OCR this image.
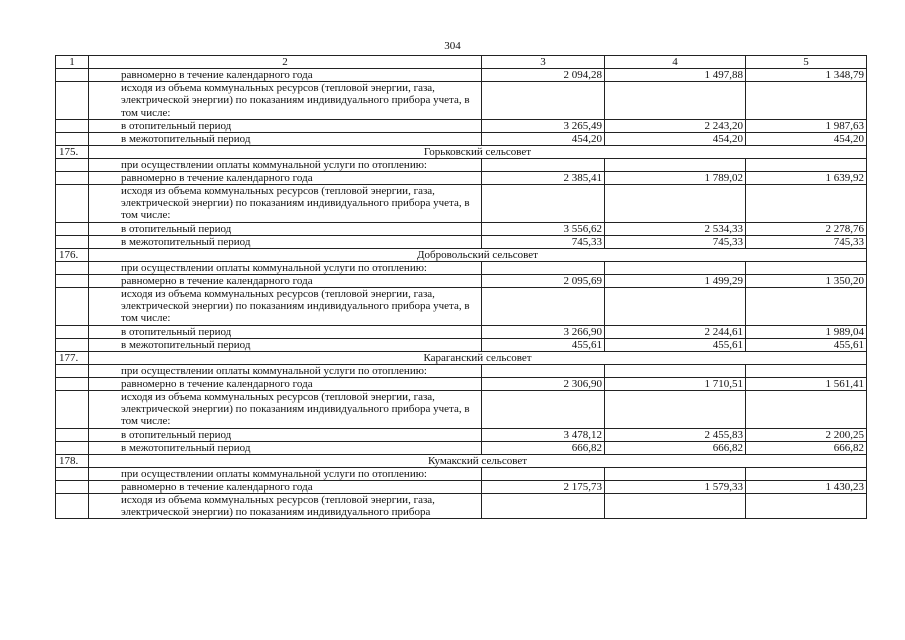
304
1	2	3	4	5
	равномерно в течение календарного года	2 094,28	1 497,88	1 348,79
	исходя из объема коммунальных ресурсов (тепловой энергии, газа, электрической энергии) по показаниям индивидуального прибора учета, в том числе:			
	в отопительный период	3 265,49	2 243,20	1 987,63
	в межотопительный период	454,20	454,20	454,20
175.	Горьковский сельсовет			
	при осуществлении оплаты коммунальной услуги по отоплению:			
	равномерно в течение календарного года	2 385,41	1 789,02	1 639,92
	исходя из объема коммунальных ресурсов (тепловой энергии, газа, электрической энергии) по показаниям индивидуального прибора учета, в том числе:			
	в отопительный период	3 556,62	2 534,33	2 278,76
	в межотопительный период	745,33	745,33	745,33
176.	Добровольский сельсовет			
	при осуществлении оплаты коммунальной услуги по отоплению:			
	равномерно в течение календарного года	2 095,69	1 499,29	1 350,20
	исходя из объема коммунальных ресурсов (тепловой энергии, газа, электрической энергии) по показаниям индивидуального прибора учета, в том числе:			
	в отопительный период	3 266,90	2 244,61	1 989,04
	в межотопительный период	455,61	455,61	455,61
177.	Караганский сельсовет			
	при осуществлении оплаты коммунальной услуги по отоплению:			
	равномерно в течение календарного года	2 306,90	1 710,51	1 561,41
	исходя из объема коммунальных ресурсов (тепловой энергии, газа, электрической энергии) по показаниям индивидуального прибора учета, в том числе:			
	в отопительный период	3 478,12	2 455,83	2 200,25
	в межотопительный период	666,82	666,82	666,82
178.	Кумакский сельсовет			
	при осуществлении оплаты коммунальной услуги по отоплению:			
	равномерно в течение календарного года	2 175,73	1 579,33	1 430,23
	исходя из объема коммунальных ресурсов (тепловой энергии, газа, электрической энергии) по показаниям индивидуального прибора			
